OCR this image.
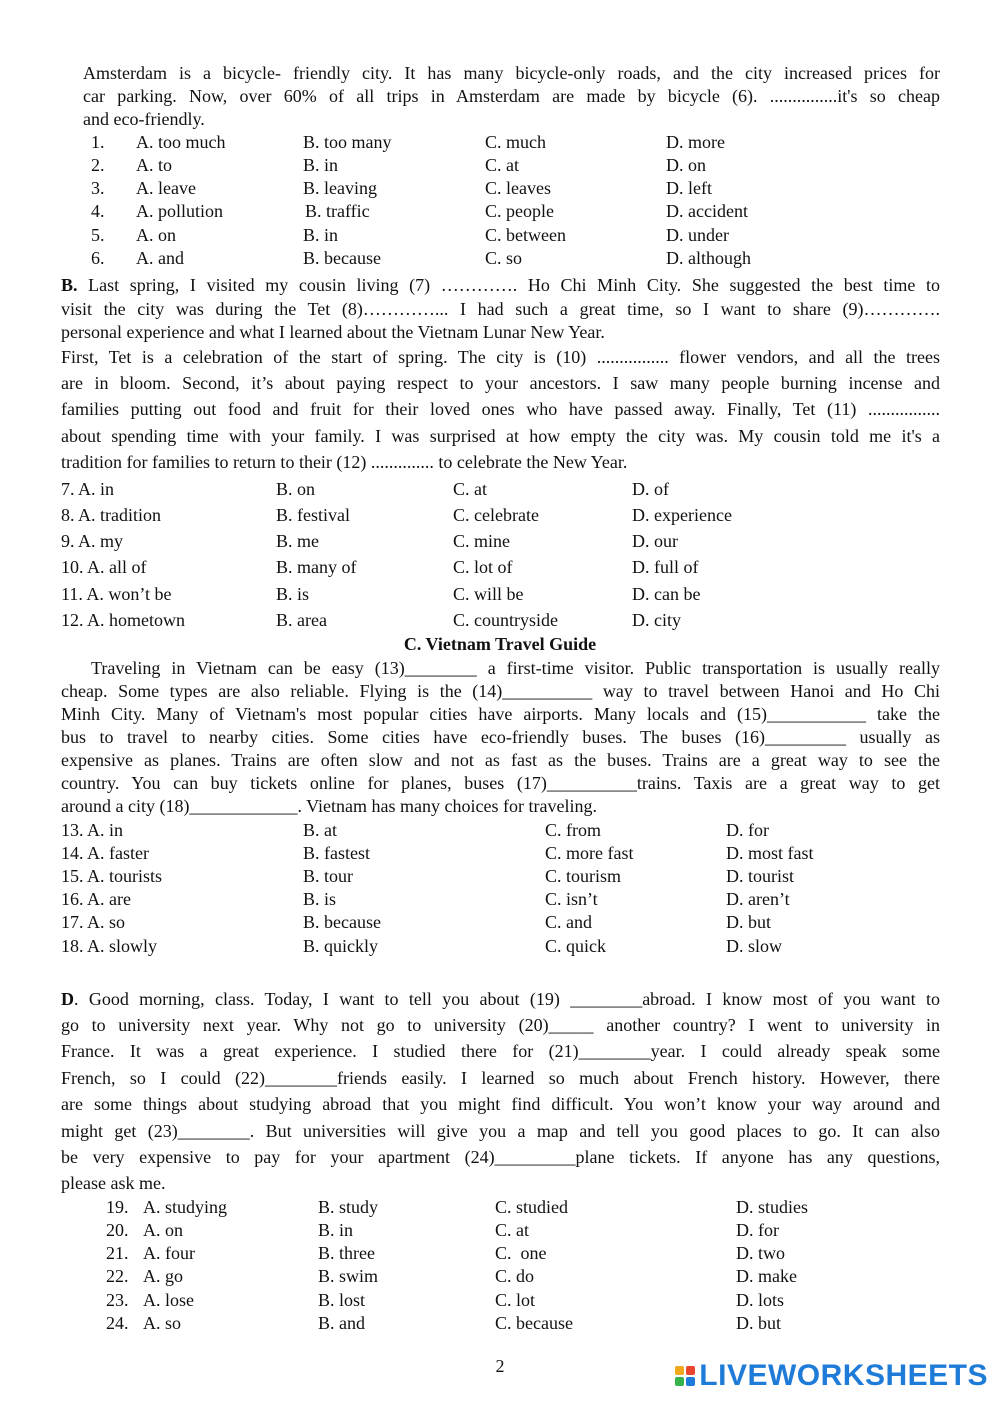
Amsterdam is a bicycle- friendly city. It has many bicycle-only roads, and the city increased prices for
car parking. Now, over 60% of all trips in Amsterdam are made by bicycle (6). ...............it's so cheap
and eco-friendly.
1. A. too much	B. too many	C. much	D. more
2. A. to	B. in	C. at	D. on
3. A. leave	B. leaving	C. leaves	D. left
4. A. pollution	B. traffic	C. people	D. accident
5. A. on	B. in	C. between	D. under
6. A. and	B. because	C. so	D. although
B. Last spring, I visited my cousin living (7) …………. Ho Chi Minh City. She suggested the best time to
visit the city was during the Tet (8)…………... I had such a great time, so I want to share (9)………….
personal experience and what I learned about the Vietnam Lunar New Year.
First, Tet is a celebration of the start of spring. The city is (10) ................ flower vendors, and all the trees
are in bloom. Second, it’s about paying respect to your ancestors. I saw many people burning incense and
families putting out food and fruit for their loved ones who have passed away. Finally, Tet (11) ................
about spending time with your family. I was surprised at how empty the city was. My cousin told me it's a
tradition for families to return to their (12) .............. to celebrate the New Year.
7. A. in	B. on	C. at	D. of
8. A. tradition	B. festival	C. celebrate	D. experience
9. A. my	B. me	C. mine	D. our
10. A. all of	B. many of	C. lot of	D. full of
11. A. won’t be	B. is	C. will be	D. can be
12. A. hometown	B. area	C. countryside	D. city
C. Vietnam Travel Guide
Traveling in Vietnam can be easy (13)________ a first-time visitor. Public transportation is usually really
cheap. Some types are also reliable. Flying is the (14)__________ way to travel between Hanoi and Ho Chi
Minh City. Many of Vietnam's most popular cities have airports. Many locals and (15)___________ take the
bus to travel to nearby cities. Some cities have eco-friendly buses. The buses (16)_________ usually as
expensive as planes. Trains are often slow and not as fast as the buses. Trains are a great way to see the
country. You can buy tickets online for planes, buses (17)__________trains. Taxis are a great way to get
around a city (18)____________. Vietnam has many choices for traveling.
13. A. in	B. at	C. from	D. for
14. A. faster	B. fastest	C. more fast	D. most fast
15. A. tourists	B. tour	C. tourism	D. tourist
16. A. are	B. is	C. isn’t	D. aren’t
17. A. so	B. because	C. and	D. but
18. A. slowly	B. quickly	C. quick	D. slow
D. Good morning, class. Today, I want to tell you about (19) ________abroad. I know most of you want to
go to university next year. Why not go to university (20)_____ another country? I went to university in
France. It was a great experience. I studied there for (21)________year. I could already speak some
French, so I could (22)________friends easily. I learned so much about French history. However, there
are some things about studying abroad that you might find difficult. You won’t know your way around and
might get (23)________. But universities will give you a map and tell you good places to go. It can also
be very expensive to pay for your apartment (24)_________plane tickets. If anyone has any questions,
please ask me.
19. A. studying	B. study	C. studied	D. studies
20. A. on	B. in	C. at	D. for
21. A. four	B. three	C.  one	D. two
22. A. go	B. swim	C. do	D. make
23. A. lose	B. lost	C. lot	D. lots
24. A. so	B. and	C. because	D. but
2	LIVEWORKSHEETS
